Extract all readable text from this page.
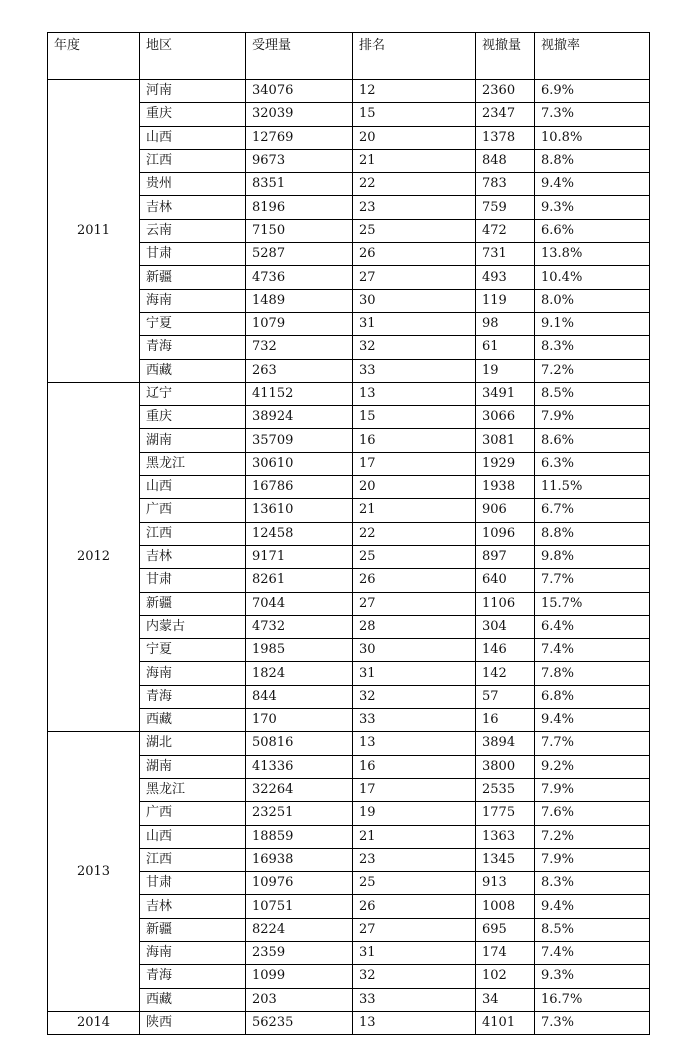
年度	地区	受理量	排名	视撤量	视撤率
2011	河南	34076	12	2360	6.9%
	重庆	32039	15	2347	7.3%
	山西	12769	20	1378	10.8%
	江西	9673	21	848	8.8%
	贵州	8351	22	783	9.4%
	吉林	8196	23	759	9.3%
	云南	7150	25	472	6.6%
	甘肃	5287	26	731	13.8%
	新疆	4736	27	493	10.4%
	海南	1489	30	119	8.0%
	宁夏	1079	31	98	9.1%
	青海	732	32	61	8.3%
	西藏	263	33	19	7.2%
2012	辽宁	41152	13	3491	8.5%
	重庆	38924	15	3066	7.9%
	湖南	35709	16	3081	8.6%
	黑龙江	30610	17	1929	6.3%
	山西	16786	20	1938	11.5%
	广西	13610	21	906	6.7%
	江西	12458	22	1096	8.8%
	吉林	9171	25	897	9.8%
	甘肃	8261	26	640	7.7%
	新疆	7044	27	1106	15.7%
	内蒙古	4732	28	304	6.4%
	宁夏	1985	30	146	7.4%
	海南	1824	31	142	7.8%
	青海	844	32	57	6.8%
	西藏	170	33	16	9.4%
2013	湖北	50816	13	3894	7.7%
	湖南	41336	16	3800	9.2%
	黑龙江	32264	17	2535	7.9%
	广西	23251	19	1775	7.6%
	山西	18859	21	1363	7.2%
	江西	16938	23	1345	7.9%
	甘肃	10976	25	913	8.3%
	吉林	10751	26	1008	9.4%
	新疆	8224	27	695	8.5%
	海南	2359	31	174	7.4%
	青海	1099	32	102	9.3%
	西藏	203	33	34	16.7%
2014	陕西	56235	13	4101	7.3%
